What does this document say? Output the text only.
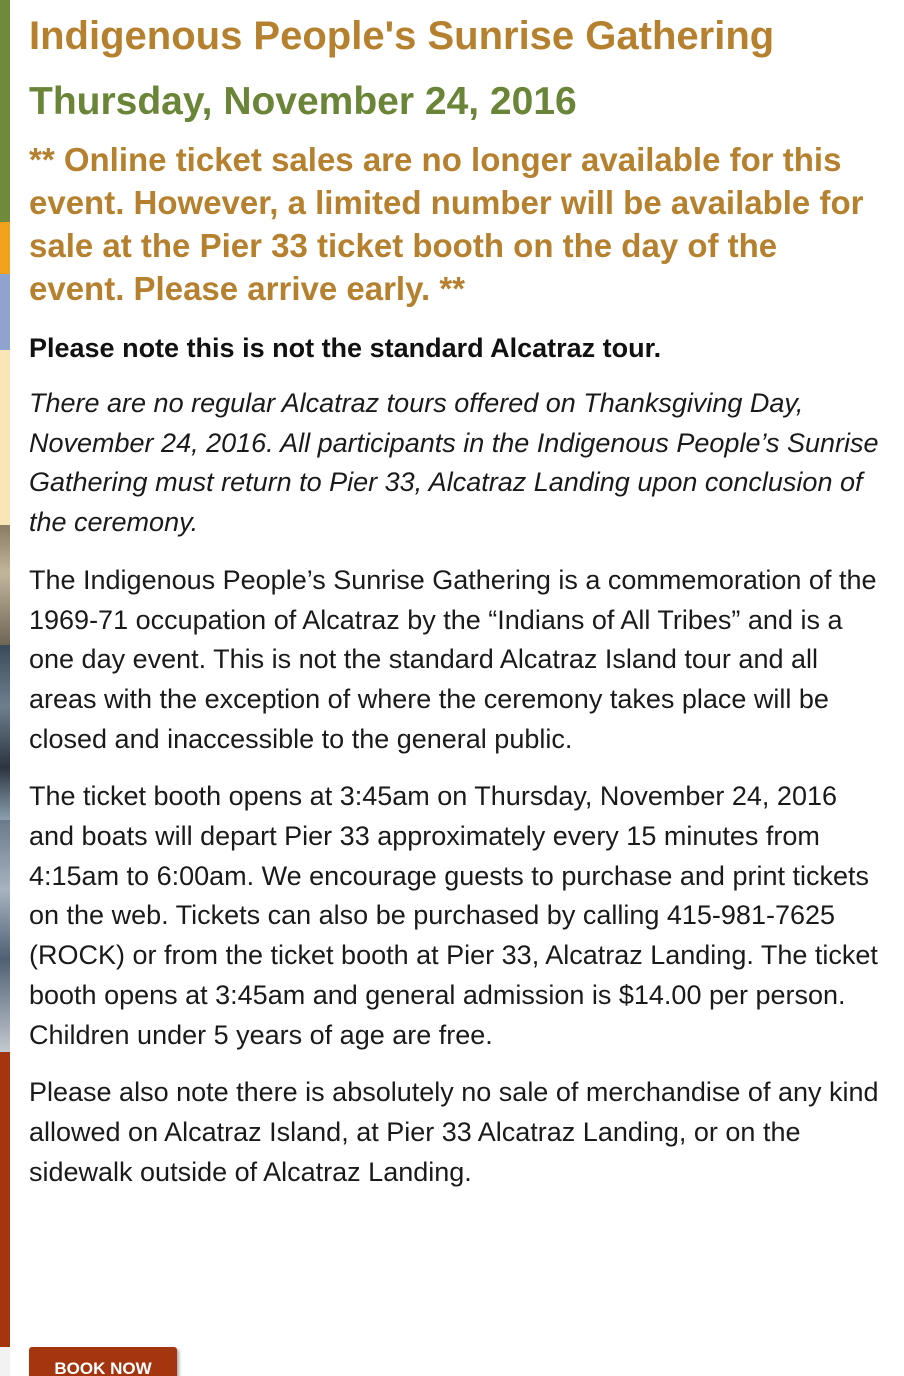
Indigenous People's Sunrise Gathering
Thursday, November 24, 2016

** Online ticket sales are no longer available for this event. However, a limited number will be available for sale at the Pier 33 ticket booth on the day of the event. Please arrive early. **

Please note this is not the standard Alcatraz tour.

There are no regular Alcatraz tours offered on Thanksgiving Day, November 24, 2016. All participants in the Indigenous People’s Sunrise Gathering must return to Pier 33, Alcatraz Landing upon conclusion of the ceremony.

The Indigenous People’s Sunrise Gathering is a commemoration of the 1969-71 occupation of Alcatraz by the “Indians of All Tribes” and is a one day event. This is not the standard Alcatraz Island tour and all areas with the exception of where the ceremony takes place will be closed and inaccessible to the general public.

The ticket booth opens at 3:45am on Thursday, November 24, 2016 and boats will depart Pier 33 approximately every 15 minutes from 4:15am to 6:00am. We encourage guests to purchase and print tickets on the web. Tickets can also be purchased by calling 415-981-7625 (ROCK) or from the ticket booth at Pier 33, Alcatraz Landing. The ticket booth opens at 3:45am and general admission is $14.00 per person. Children under 5 years of age are free.

Please also note there is absolutely no sale of merchandise of any kind allowed on Alcatraz Island, at Pier 33 Alcatraz Landing, or on the sidewalk outside of Alcatraz Landing.

BOOK NOW
